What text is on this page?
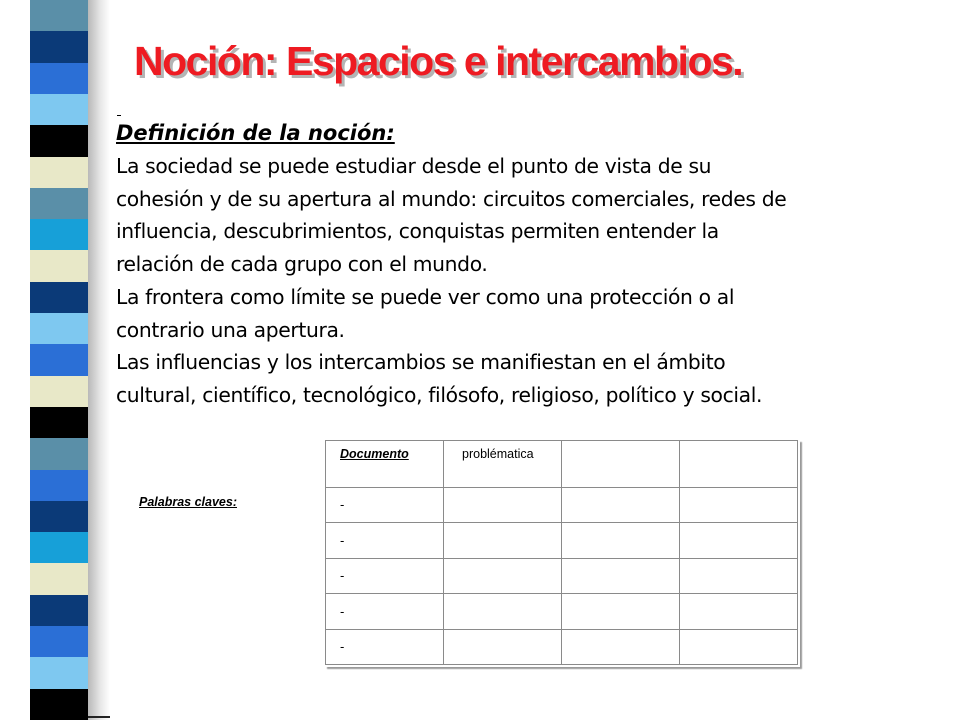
Noción: Espacios e intercambios.
Definición de la noción:
La sociedad se puede estudiar desde el punto de vista de su
cohesión y de su apertura al mundo: circuitos comerciales, redes de
influencia, descubrimientos, conquistas permiten entender la
relación de cada grupo con el mundo.
La frontera como límite se puede ver como una protección o al
contrario una apertura.
Las influencias y los intercambios se manifiestan en el ámbito
cultural, científico, tecnológico, filósofo, religioso, político y social.
Palabras claves:
Documento	problématica		
-			
-			
-			
-			
-			
